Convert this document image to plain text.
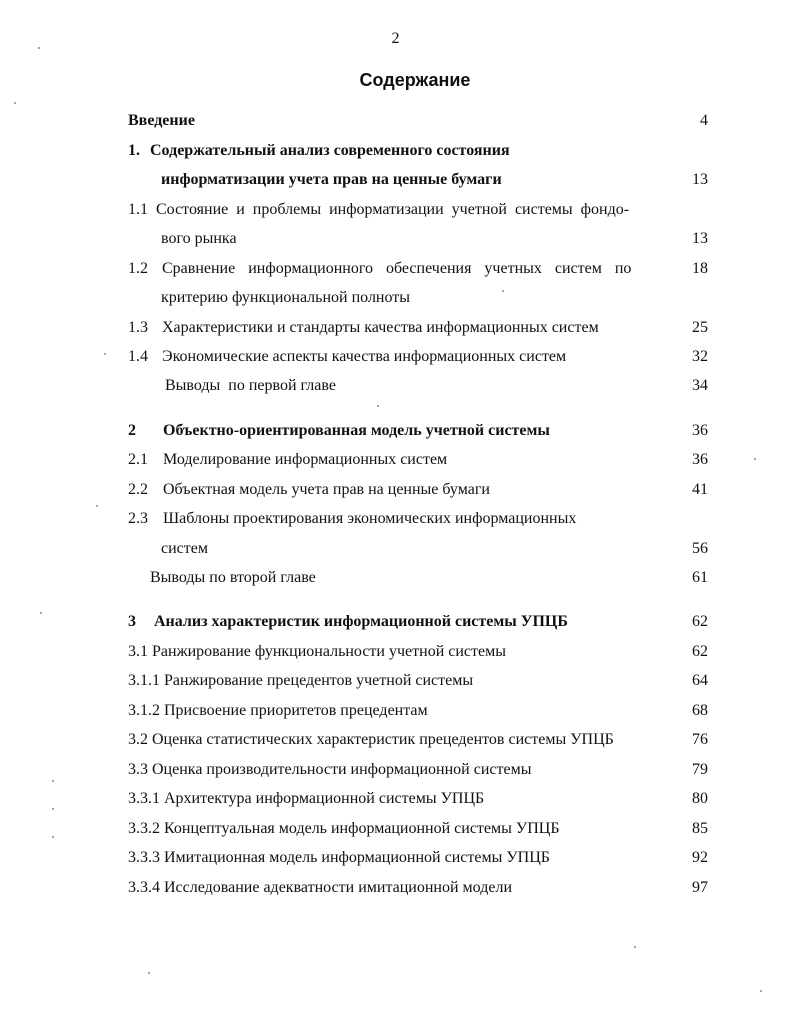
2
Содержание
Введение	4
1. Содержательный анализ современного состояния
информатизации учета прав на ценные бумаги	13
1.1 Состояние и проблемы информатизации учетной системы фондо-
вого рынка	13
1.2 Сравнение информационного обеспечения учетных систем по	18
критерию функциональной полноты
1.3 Характеристики и стандарты качества информационных систем	25
1.4 Экономические аспекты качества информационных систем	32
Выводы  по первой главе	34
2 Объектно-ориентированная модель учетной системы	36
2.1 Моделирование информационных систем	36
2.2 Объектная модель учета прав на ценные бумаги	41
2.3 Шаблоны проектирования экономических информационных
систем	56
Выводы по второй главе	61
3 Анализ характеристик информационной системы УПЦБ	62
3.1 Ранжирование функциональности учетной системы	62
3.1.1 Ранжирование прецедентов учетной системы	64
3.1.2 Присвоение приоритетов прецедентам	68
3.2 Оценка статистических характеристик прецедентов системы УПЦБ	76
3.3 Оценка производительности информационной системы	79
3.3.1 Архитектура информационной системы УПЦБ	80
3.3.2 Концептуальная модель информационной системы УПЦБ	85
3.3.3 Имитационная модель информационной системы УПЦБ	92
3.3.4 Исследование адекватности имитационной модели	97
